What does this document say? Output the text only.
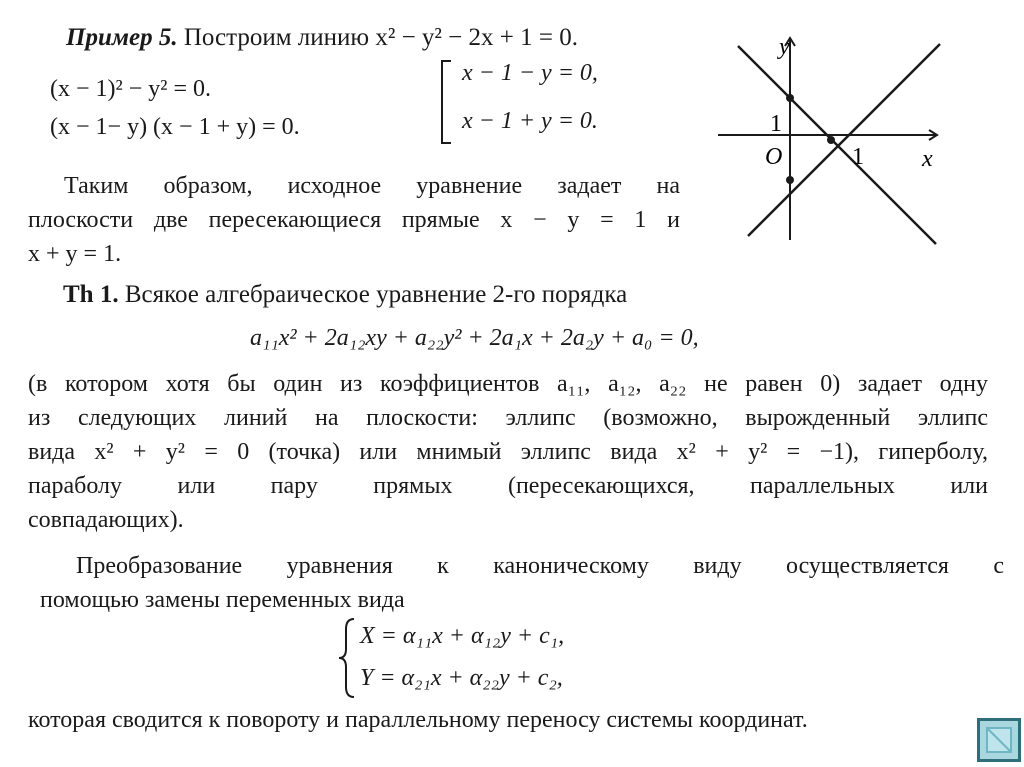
Пример 5. Построим линию x² − y² − 2x + 1 = 0.
(x − 1)² − y² = 0.
(x − 1− y) (x − 1 + y) = 0.
x − 1 − y = 0,
x − 1 + y = 0.
Таким образом, исходное уравнение задает на
плоскости две пересекающиеся прямые x − y = 1 и
x + y = 1.
y
x
O
1
1
Th 1. Всякое алгебраическое уравнение 2-го порядка
a₁₁x² + 2a₁₂xy + a₂₂y² + 2a₁x + 2a₂y + a₀ = 0,
(в котором хотя бы один из коэффициентов a₁₁, a₁₂, a₂₂ не равен 0) задает одну
из следующих линий на плоскости: эллипс (возможно, вырожденный эллипс
вида x² + y² = 0 (точка) или мнимый эллипс вида x² + y² = −1), гиперболу,
параболу или пару прямых (пересекающихся, параллельных или
совпадающих).
Преобразование уравнения к каноническому виду осуществляется с
помощью замены переменных вида
X = α₁₁x + α₁₂y + c₁,
Y = α₂₁x + α₂₂y + c₂,
которая сводится к повороту и параллельному переносу системы координат.
